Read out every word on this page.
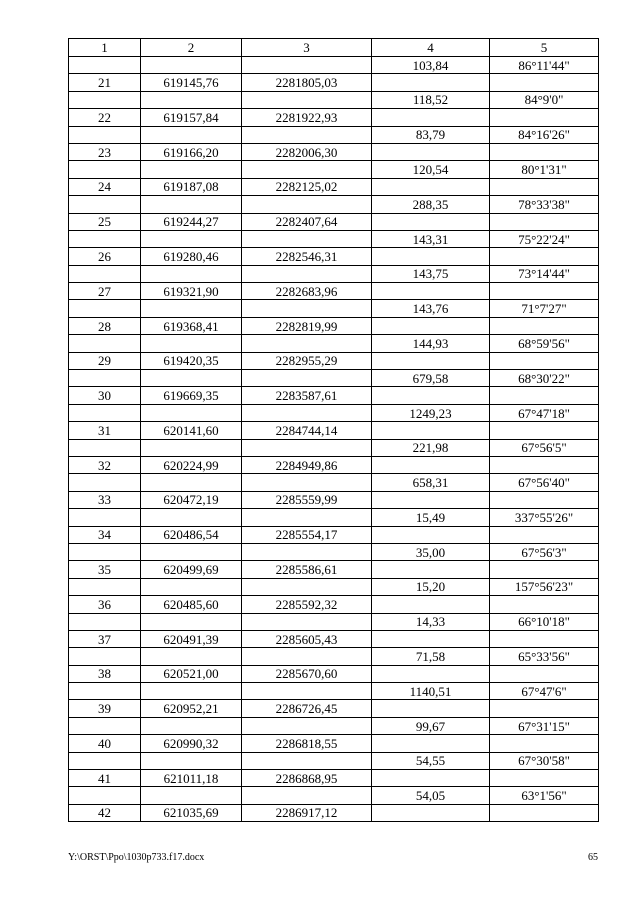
1	2	3	4	5
			103,84	86°11'44"
21	619145,76	2281805,03		
			118,52	84°9'0"
22	619157,84	2281922,93		
			83,79	84°16'26"
23	619166,20	2282006,30		
			120,54	80°1'31"
24	619187,08	2282125,02		
			288,35	78°33'38"
25	619244,27	2282407,64		
			143,31	75°22'24"
26	619280,46	2282546,31		
			143,75	73°14'44"
27	619321,90	2282683,96		
			143,76	71°7'27"
28	619368,41	2282819,99		
			144,93	68°59'56"
29	619420,35	2282955,29		
			679,58	68°30'22"
30	619669,35	2283587,61		
			1249,23	67°47'18"
31	620141,60	2284744,14		
			221,98	67°56'5"
32	620224,99	2284949,86		
			658,31	67°56'40"
33	620472,19	2285559,99		
			15,49	337°55'26"
34	620486,54	2285554,17		
			35,00	67°56'3"
35	620499,69	2285586,61		
			15,20	157°56'23"
36	620485,60	2285592,32		
			14,33	66°10'18"
37	620491,39	2285605,43		
			71,58	65°33'56"
38	620521,00	2285670,60		
			1140,51	67°47'6"
39	620952,21	2286726,45		
			99,67	67°31'15"
40	620990,32	2286818,55		
			54,55	67°30'58"
41	621011,18	2286868,95		
			54,05	63°1'56"
42	621035,69	2286917,12		
Y:\ORST\Ppo\1030p733.f17.docx	65
